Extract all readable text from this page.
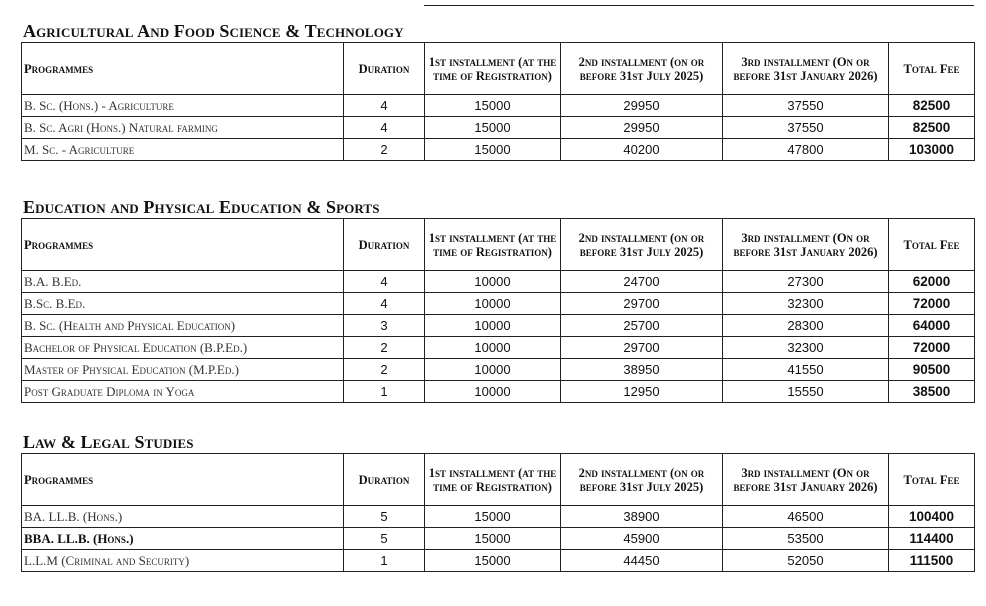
Agricultural And Food Science & Technology
Programmes	Duration	1st installment (at the time of Registration)	2nd installment (on or before 31st July 2025)	3rd installment (On or before 31st January 2026)	Total Fee
B. Sc. (Hons.) - Agriculture	4	15000	29950	37550	82500
B. Sc. Agri (Hons.) Natural farming	4	15000	29950	37550	82500
M. Sc. - Agriculture	2	15000	40200	47800	103000
Education and Physical Education & Sports
Programmes	Duration	1st installment (at the time of Registration)	2nd installment (on or before 31st July 2025)	3rd installment (On or before 31st January 2026)	Total Fee
B.A. B.Ed.	4	10000	24700	27300	62000
B.Sc. B.Ed.	4	10000	29700	32300	72000
B. Sc. (Health and Physical Education)	3	10000	25700	28300	64000
Bachelor of Physical Education (B.P.Ed.)	2	10000	29700	32300	72000
Master of Physical Education (M.P.Ed.)	2	10000	38950	41550	90500
Post Graduate Diploma in Yoga	1	10000	12950	15550	38500
Law & Legal Studies
Programmes	Duration	1st installment (at the time of Registration)	2nd installment (on or before 31st July 2025)	3rd installment (On or before 31st January 2026)	Total Fee
BA. LL.B. (Hons.)	5	15000	38900	46500	100400
BBA. LL.B. (Hons.)	5	15000	45900	53500	114400
L.L.M (Criminal and Security)	1	15000	44450	52050	111500
